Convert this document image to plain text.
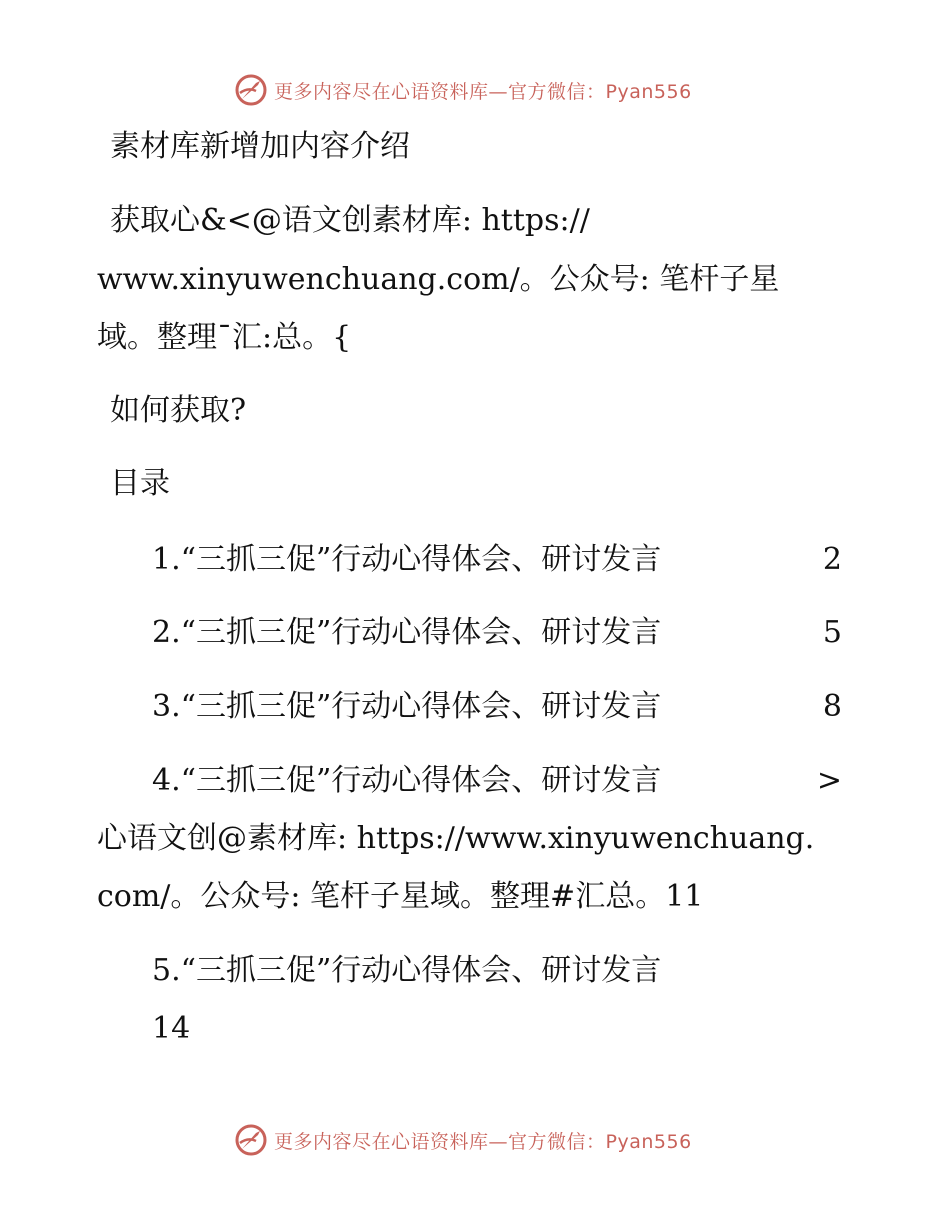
更多内容尽在心语资料库—官方微信：Pyan556
素材库新增加内容介绍
获取心&<@语文创素材库: https://
www.xinyuwenchuang.com/。公众号: 笔杆子星
域。整理¯汇:总。{
如何获取?
目录
1.“三抓三促”行动心得体会、研讨发言	2
2.“三抓三促”行动心得体会、研讨发言	5
3.“三抓三促”行动心得体会、研讨发言	8
4.“三抓三促”行动心得体会、研讨发言	>
心语文创@素材库: https://www.xinyuwenchuang.
com/。公众号: 笔杆子星域。整理#汇总。11
5.“三抓三促”行动心得体会、研讨发言
14
更多内容尽在心语资料库—官方微信：Pyan556
